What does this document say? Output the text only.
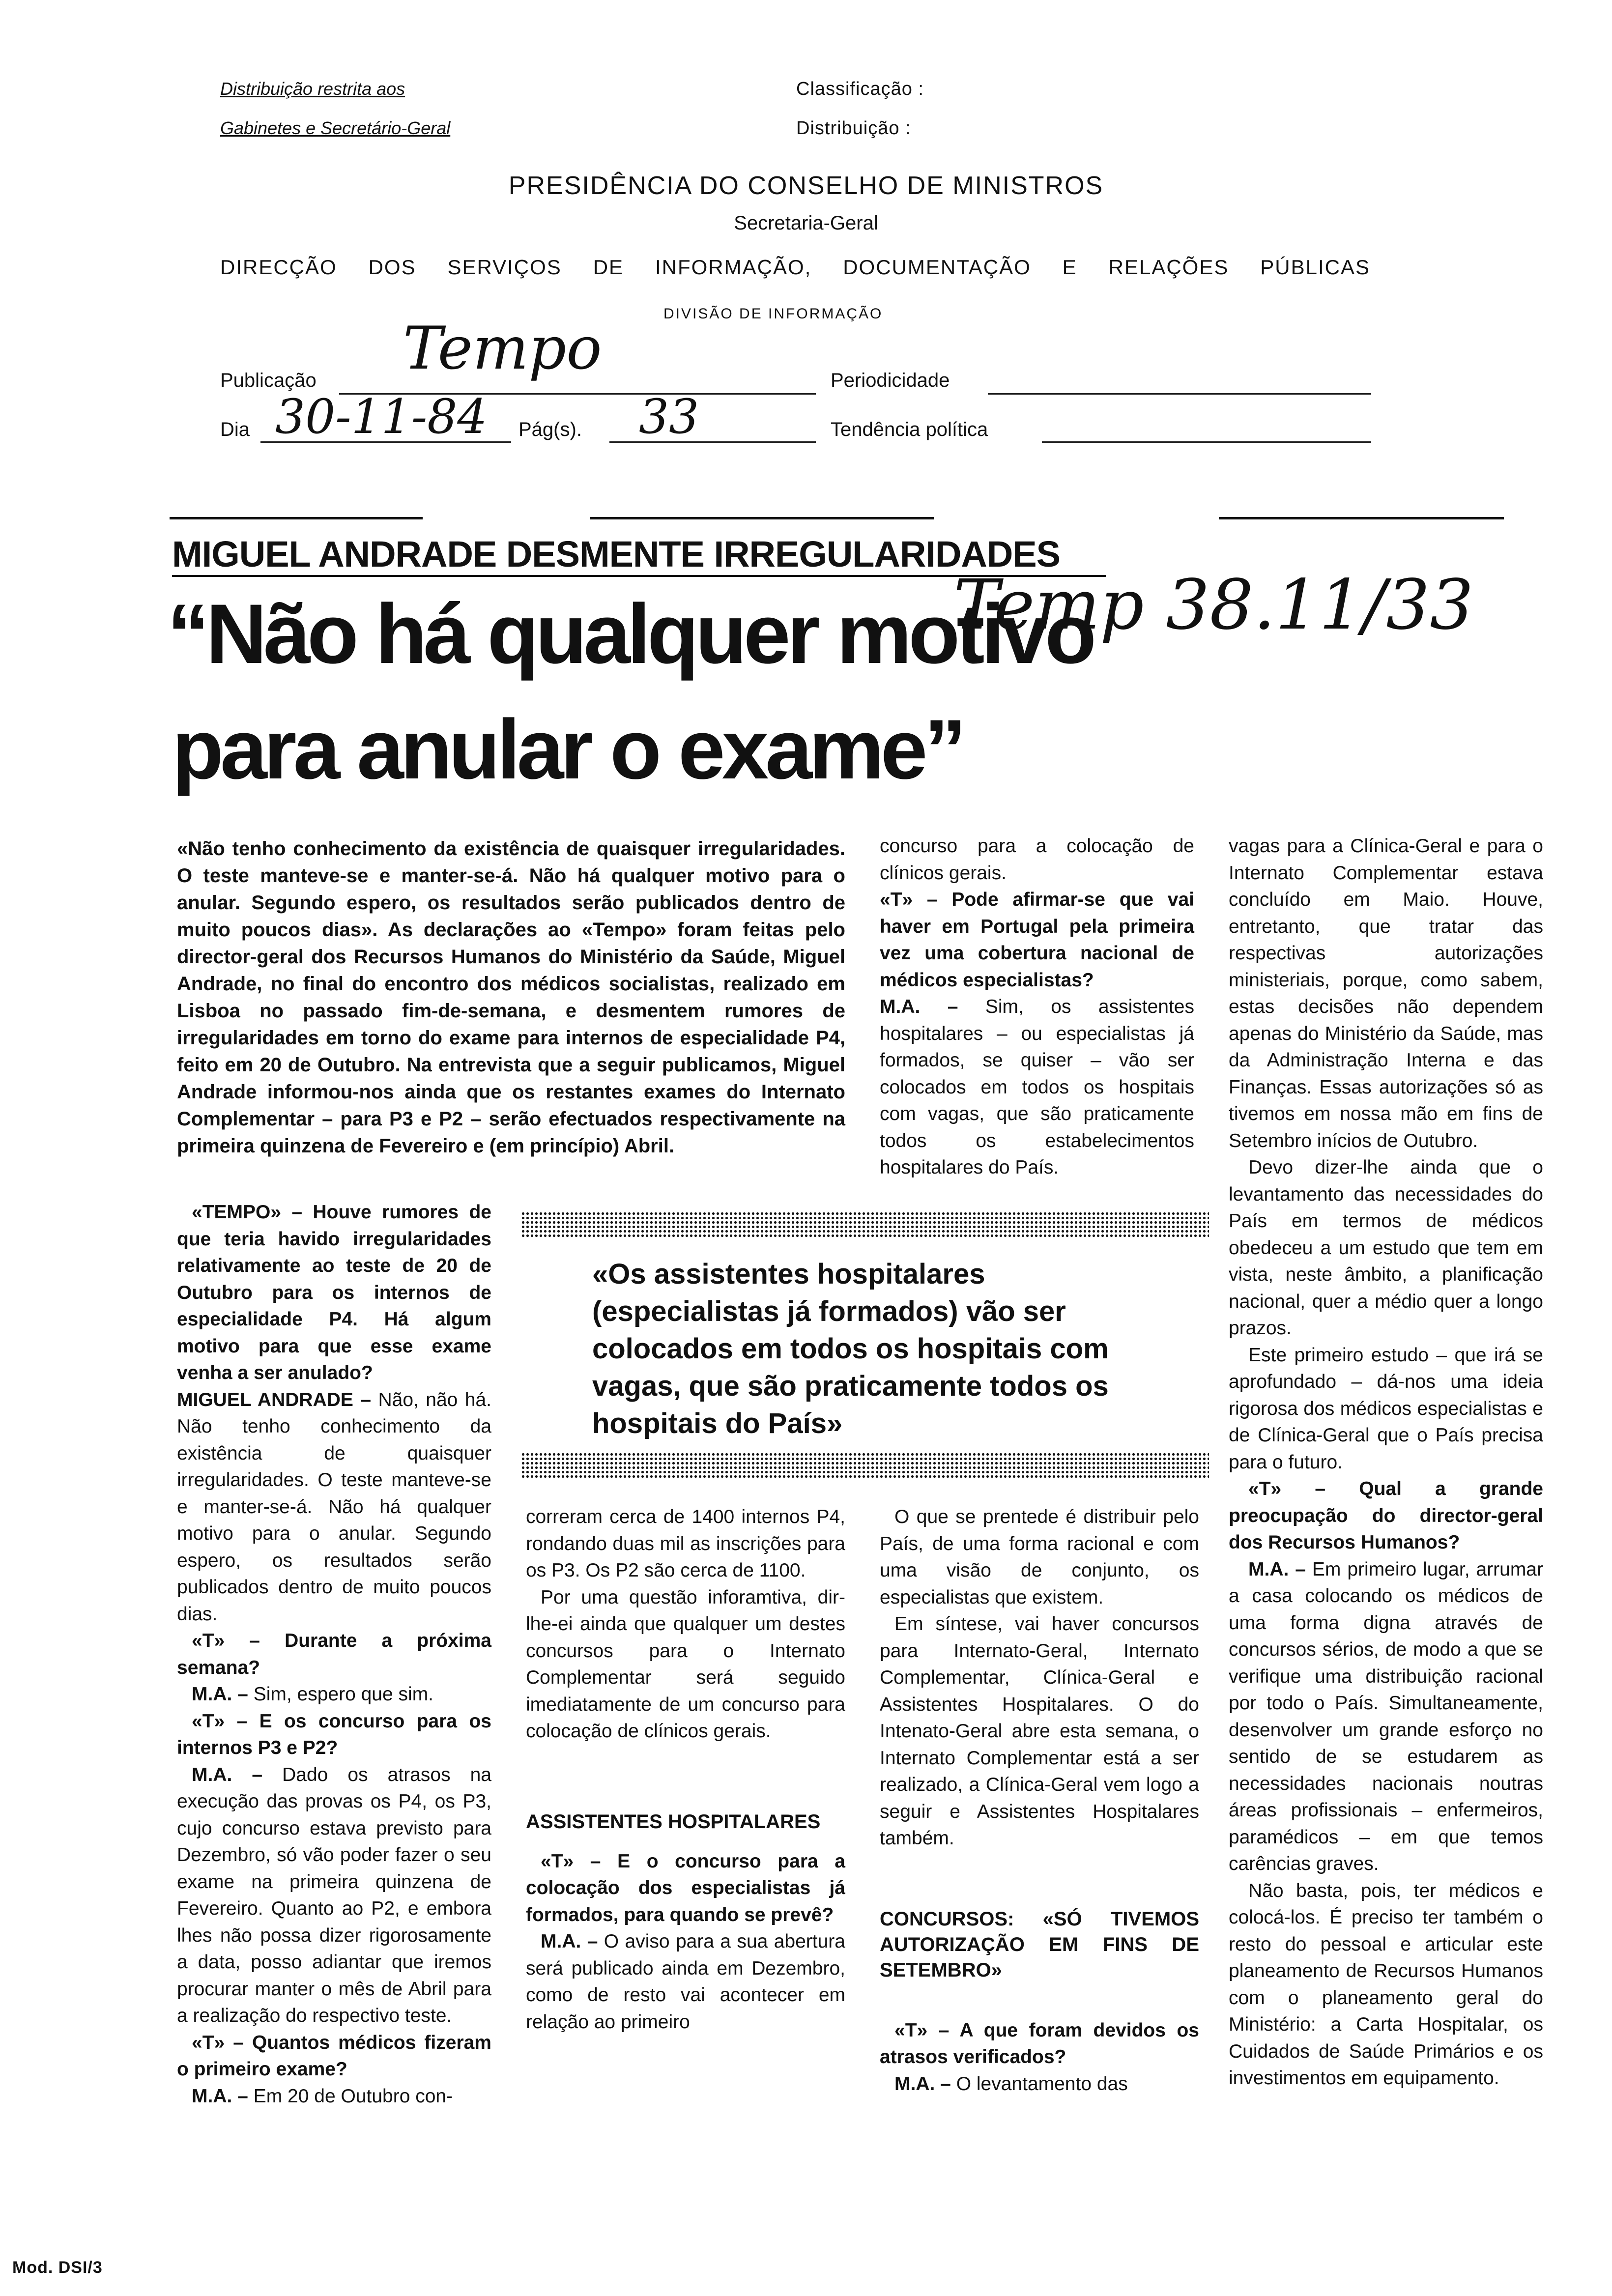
Distribuição restrita aos
Gabinetes e Secretário-Geral
Classificação :
Distribuição :
PRESIDÊNCIA DO CONSELHO DE MINISTROS
Secretaria-Geral
DIRECÇÃO DOS SERVIÇOS DE INFORMAÇÃO, DOCUMENTAÇÃO E RELAÇÕES PÚBLICAS
DIVISÃO DE INFORMAÇÃO
Publicação Tempo	Periodicidade
Dia 30-11-84 Pág(s). 33	Tendência política
MIGUEL ANDRADE DESMENTE IRREGULARIDADES
“Não há qualquer motivo
para anular o exame”
Temp 38.11/33
«Não tenho conhecimento da existência de quaisquer irregularidades. O teste manteve-se e manter-se-á. Não há qualquer motivo para o anular. Segundo espero, os resultados serão publicados dentro de muito poucos dias». As declarações ao «Tempo» foram feitas pelo director-geral dos Recursos Humanos do Ministério da Saúde, Miguel Andrade, no final do encontro dos médicos socialistas, realizado em Lisboa no passado fim-de-semana, e desmentem rumores de irregularidades em torno do exame para internos de especialidade P4, feito em 20 de Outubro. Na entrevista que a seguir publicamos, Miguel Andrade informou-nos ainda que os restantes exames do Internato Complementar – para P3 e P2 – serão efectuados respectivamente na primeira quinzena de Fevereiro e (em princípio) Abril.

concurso para a colocação de clínicos gerais.

«T» – Pode afirmar-se que vai haver em Portugal pela primeira vez uma cobertura nacional de médicos especialistas?

M.A. – Sim, os assistentes hospitalares – ou especialistas já formados, se quiser – vão ser colocados em todos os hospitais com vagas, que são praticamente todos os estabelecimentos hospitalares do País.

vagas para a Clínica-Geral e para o Internato Complementar estava concluído em Maio. Houve, entretanto, que tratar das respectivas autorizações ministeriais, porque, como sabem, estas decisões não dependem apenas do Ministério da Saúde, mas da Administração Interna e das Finanças. Essas autorizações só as tivemos em nossa mão em fins de Setembro inícios de Outubro.

Devo dizer-lhe ainda que o levantamento das necessidades do País em termos de médicos obedeceu a um estudo que tem em vista, neste âmbito, a planificação nacional, quer a médio quer a longo prazos.

Este primeiro estudo – que irá se aprofundado – dá-nos uma ideia rigorosa dos médicos especialistas e de Clínica-Geral que o País precisa para o futuro.

«T» – Qual a grande preocupação do director-geral dos Recursos Humanos?

M.A. – Em primeiro lugar, arrumar a casa colocando os médicos de uma forma digna através de concursos sérios, de modo a que se verifique uma distribuição racional por todo o País. Simultaneamente, desenvolver um grande esforço no sentido de se estudarem as necessidades nacionais noutras áreas profissionais – enfermeiros, paramédicos – em que temos carências graves.

Não basta, pois, ter médicos e colocá-los. É preciso ter também o resto do pessoal e articular este planeamento de Recursos Humanos com o planeamento geral do Ministério: a Carta Hospitalar, os Cuidados de Saúde Primários e os investimentos em equipamento.

«TEMPO» – Houve rumores de que teria havido irregularidades relativamente ao teste de 20 de Outubro para os internos de especialidade P4. Há algum motivo para que esse exame venha a ser anulado?

MIGUEL ANDRADE – Não, não há. Não tenho conhecimento da existência de quaisquer irregularidades. O teste manteve-se e manter-se-á. Não há qualquer motivo para o anular. Segundo espero, os resultados serão publicados dentro de muito poucos dias.

«T» – Durante a próxima semana?

M.A. – Sim, espero que sim.

«T» – E os concurso para os internos P3 e P2?

M.A. – Dado os atrasos na execução das provas os P4, os P3, cujo concurso estava previsto para Dezembro, só vão poder fazer o seu exame na primeira quinzena de Fevereiro. Quanto ao P2, e embora lhes não possa dizer rigorosamente a data, posso adiantar que iremos procurar manter o mês de Abril para a realização do respectivo teste.

«T» – Quantos médicos fizeram o primeiro exame?

M.A. – Em 20 de Outubro con-

«Os assistentes hospitalares (especialistas já formados) vão ser colocados em todos os hospitais com vagas, que são praticamente todos os hospitais do País»

correram cerca de 1400 internos P4, rondando duas mil as inscrições para os P3. Os P2 são cerca de 1100.

Por uma questão inforamtiva, dir-lhe-ei ainda que qualquer um destes concursos para o Internato Complementar será seguido imediatamente de um concurso para colocação de clínicos gerais.

ASSISTENTES HOSPITALARES

«T» – E o concurso para a colocação dos especialistas já formados, para quando se prevê?

M.A. – O aviso para a sua abertura será publicado ainda em Dezembro, como de resto vai acontecer em relação ao primeiro

O que se prentede é distribuir pelo País, de uma forma racional e com uma visão de conjunto, os especialistas que existem.

Em síntese, vai haver concursos para Internato-Geral, Internato Complementar, Clínica-Geral e Assistentes Hospitalares. O do Intenato-Geral abre esta semana, o Internato Complementar está a ser realizado, a Clínica-Geral vem logo a seguir e Assistentes Hospitalares também.

CONCURSOS: «SÓ TIVEMOS AUTORIZAÇÃO EM FINS DE SETEMBRO»

«T» – A que foram devidos os atrasos verificados?

M.A. – O levantamento das

Mod. DSI/3
